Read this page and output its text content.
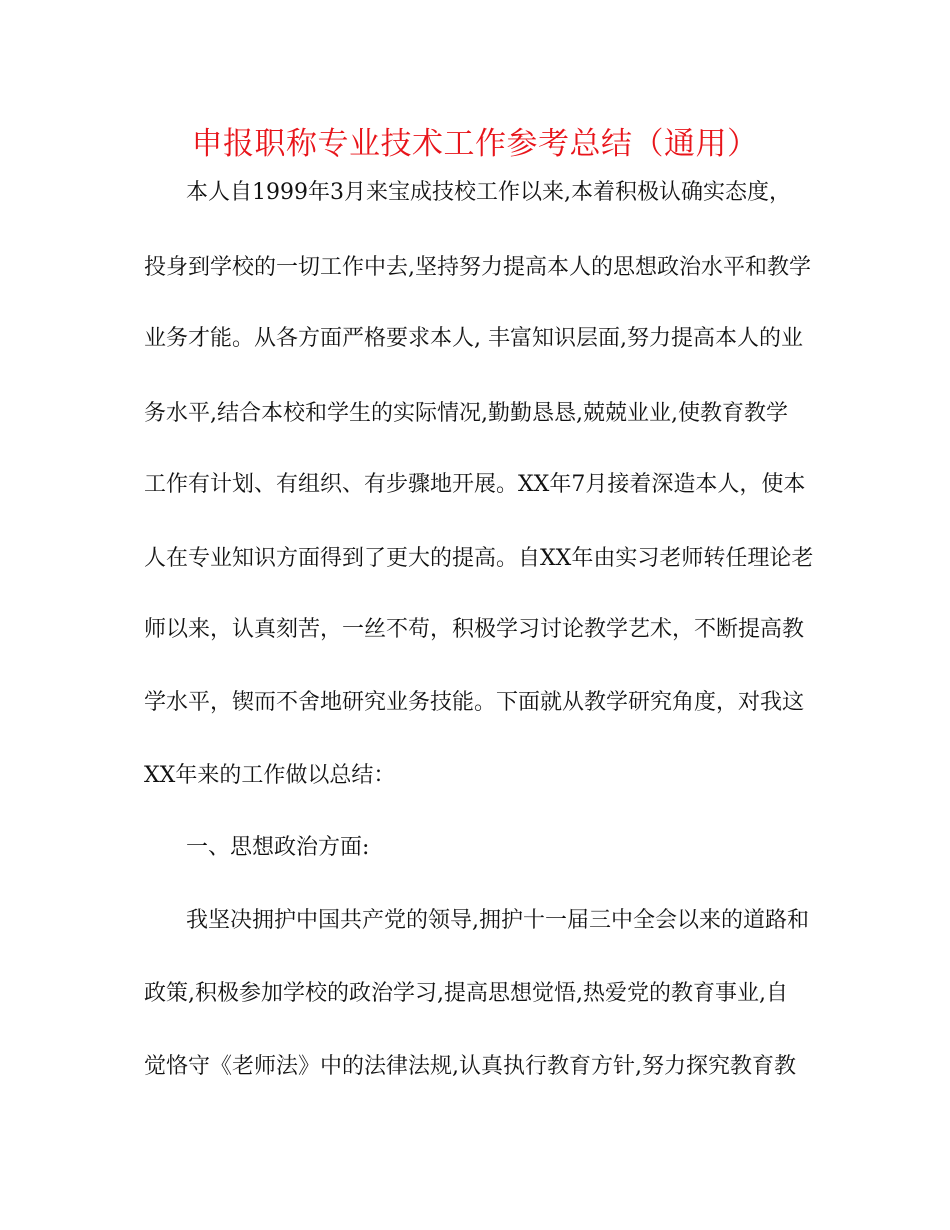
申报职称专业技术工作参考总结（通用）
本人自1999年3月来宝成技校工作以来,本着积极认确实态度，
投身到学校的一切工作中去,坚持努力提高本人的思想政治水平和教学
业务才能。从各方面严格要求本人, 丰富知识层面,努力提高本人的业
务水平,结合本校和学生的实际情况,勤勤恳恳,兢兢业业,使教育教学
工作有计划、有组织、有步骤地开展。XX年7月接着深造本人，使本
人在专业知识方面得到了更大的提高。自XX年由实习老师转任理论老
师以来，认真刻苦，一丝不苟，积极学习讨论教学艺术，不断提高教
学水平，锲而不舍地研究业务技能。下面就从教学研究角度，对我这
XX年来的工作做以总结：
一、思想政治方面:
我坚决拥护中国共产党的领导,拥护十一届三中全会以来的道路和
政策,积极参加学校的政治学习,提高思想觉悟,热爱党的教育事业,自
觉恪守《老师法》中的法律法规,认真执行教育方针,努力探究教育教
